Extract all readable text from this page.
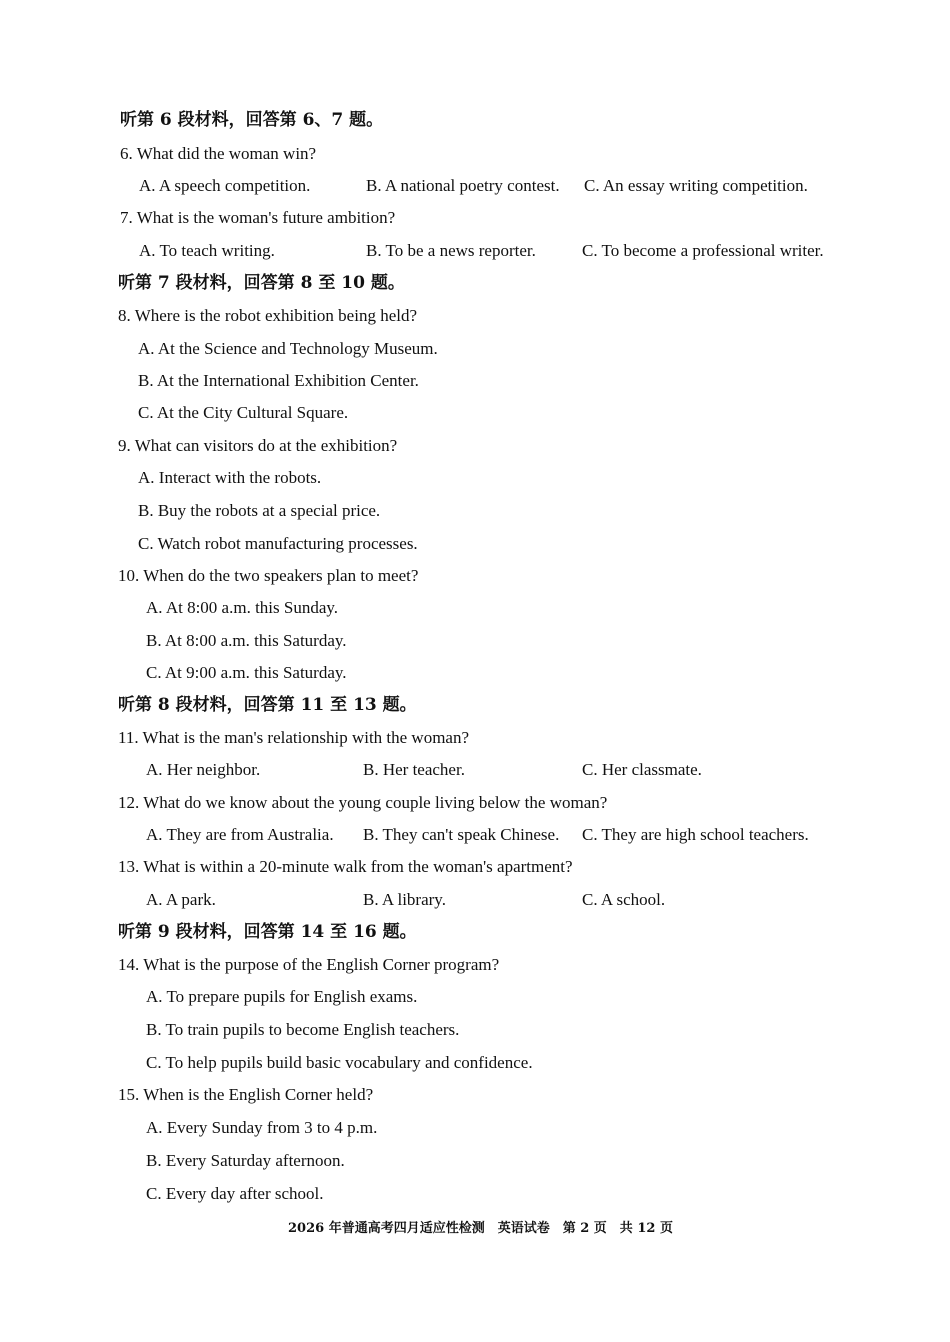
听第 6 段材料，回答第 6、7 题。
6. What did the woman win?
A. A speech competition.	B. A national poetry contest. C. An essay writing competition.
7. What is the woman's future ambition?
A. To teach writing.	B. To be a news reporter.	C. To become a professional writer.
听第 7 段材料，回答第 8 至 10 题。
8. Where is the robot exhibition being held?
A. At the Science and Technology Museum.
B. At the International Exhibition Center.
C. At the City Cultural Square.
9. What can visitors do at the exhibition?
A. Interact with the robots.
B. Buy the robots at a special price.
C. Watch robot manufacturing processes.
10. When do the two speakers plan to meet?
A. At 8:00 a.m. this Sunday.
B. At 8:00 a.m. this Saturday.
C. At 9:00 a.m. this Saturday.
听第 8 段材料，回答第 11 至 13 题。
11. What is the man's relationship with the woman?
A. Her neighbor.	B. Her teacher.	C. Her classmate.
12. What do we know about the young couple living below the woman?
A. They are from Australia. B. They can't speak Chinese. C. They are high school teachers.
13. What is within a 20-minute walk from the woman's apartment?
A. A park.	B. A library.	C. A school.
听第 9 段材料，回答第 14 至 16 题。
14. What is the purpose of the English Corner program?
A. To prepare pupils for English exams.
B. To train pupils to become English teachers.
C. To help pupils build basic vocabulary and confidence.
15. When is the English Corner held?
A. Every Sunday from 3 to 4 p.m.
B. Every Saturday afternoon.
C. Every day after school.
2026 年普通高考四月适应性检测　英语试卷　第 2 页　共 12 页
